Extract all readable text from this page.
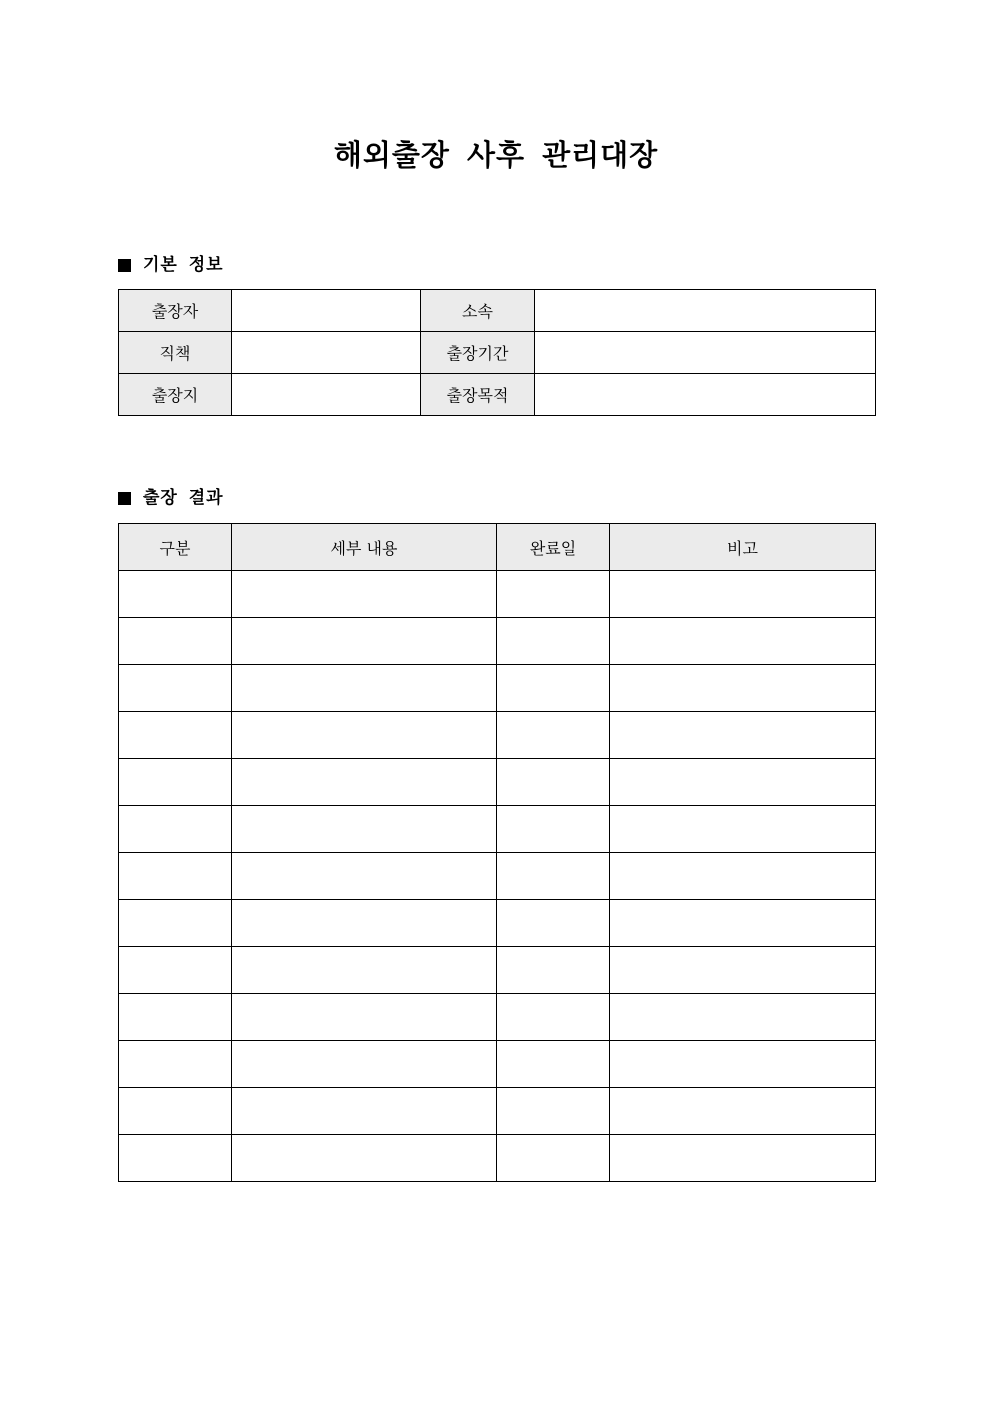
해외출장 사후 관리대장
기본 정보
출장자		소속	
직책		출장기간	
출장지		출장목적	
출장 결과
구분	세부 내용	완료일	비고
